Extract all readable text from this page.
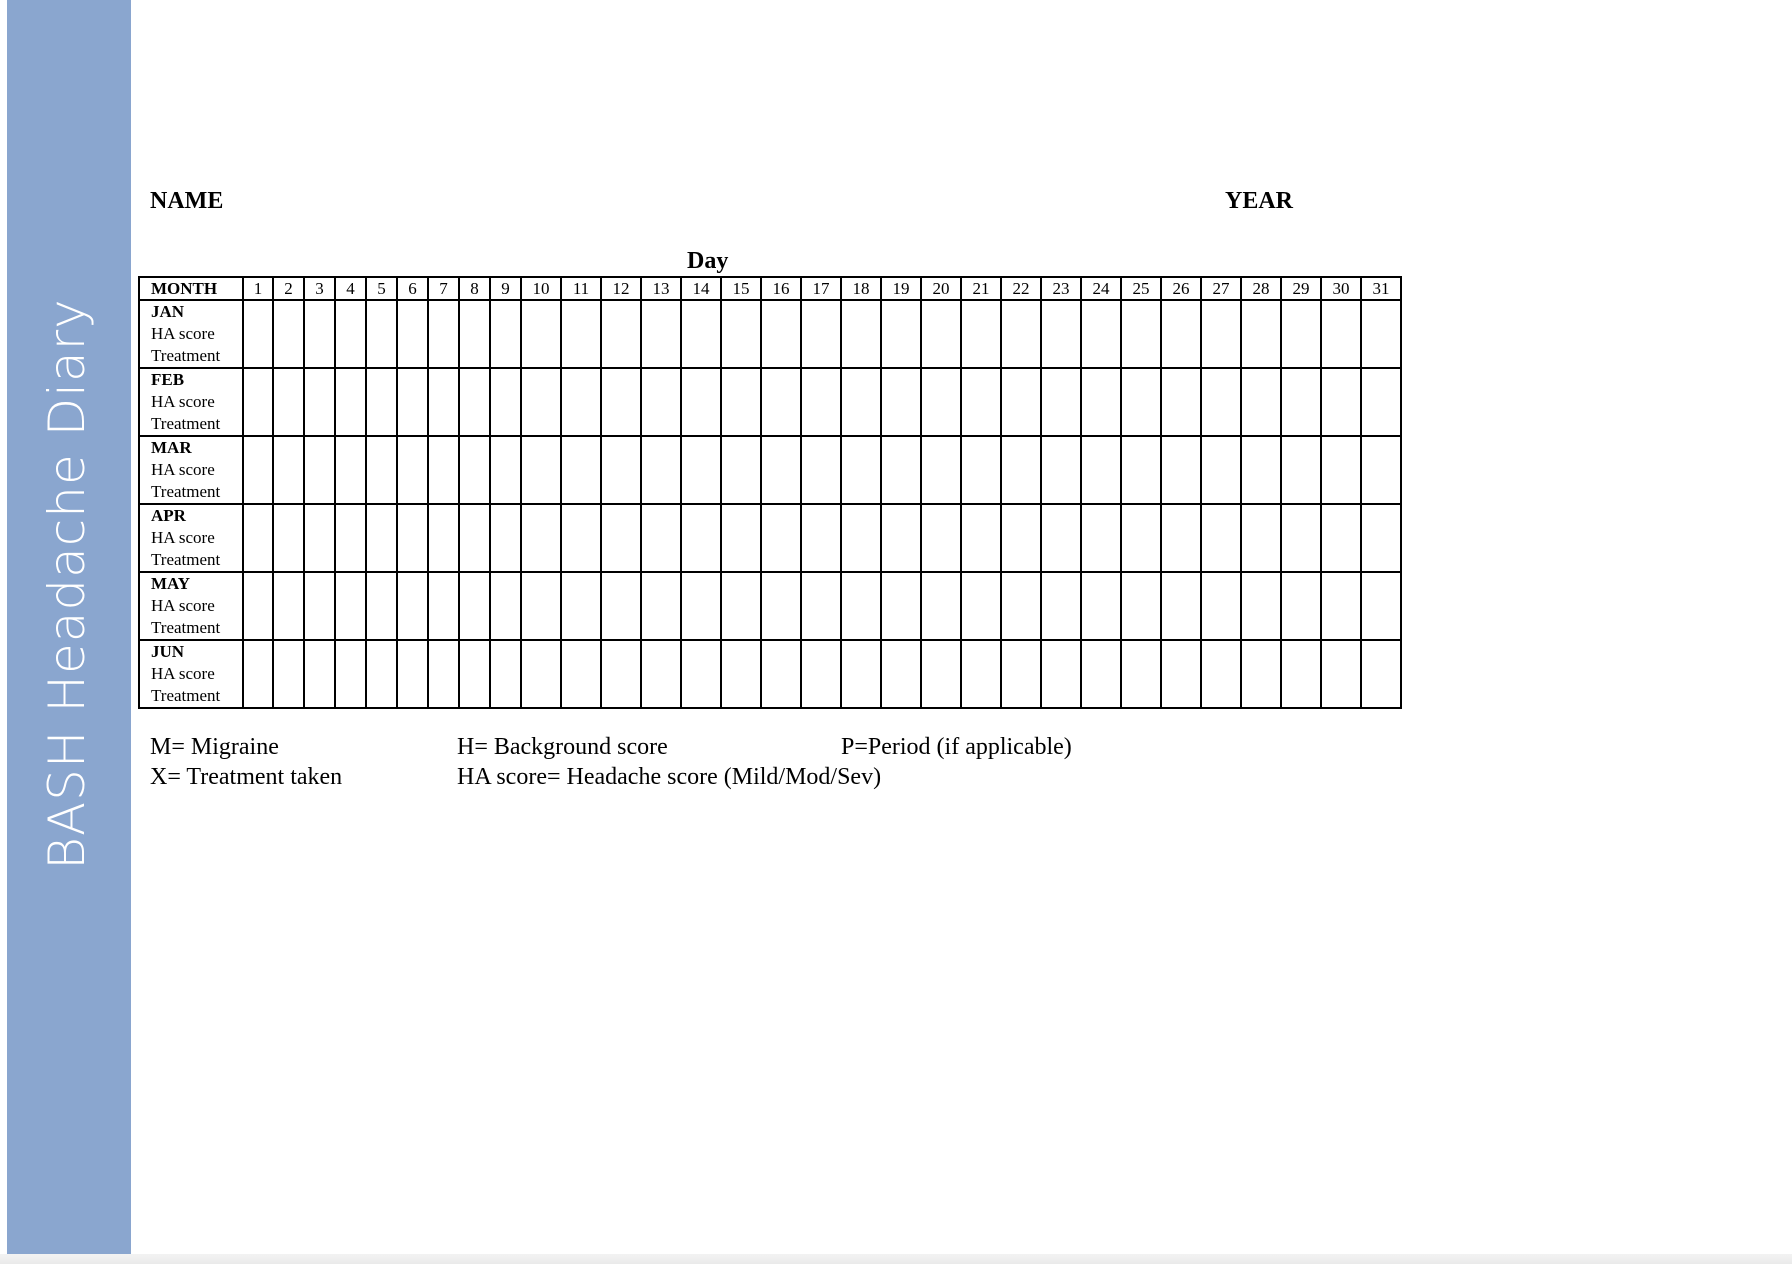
BASH Headache Diary
NAME	YEAR
Day
MONTH	1	2	3	4	5	6	7	8	9	10	11	12	13	14	15	16	17	18	19	20	21	22	23	24	25	26	27	28	29	30	31

JAN
HA score
Treatment																															

FEB
HA score
Treatment																															

MAR
HA score
Treatment																															

APR
HA score
Treatment																															

MAY
HA score
Treatment																															

JUN
HA score
Treatment																															

M= Migraine
X= Treatment taken
H= Background score
HA score= Headache score (Mild/Mod/Sev)
P=Period (if applicable)
